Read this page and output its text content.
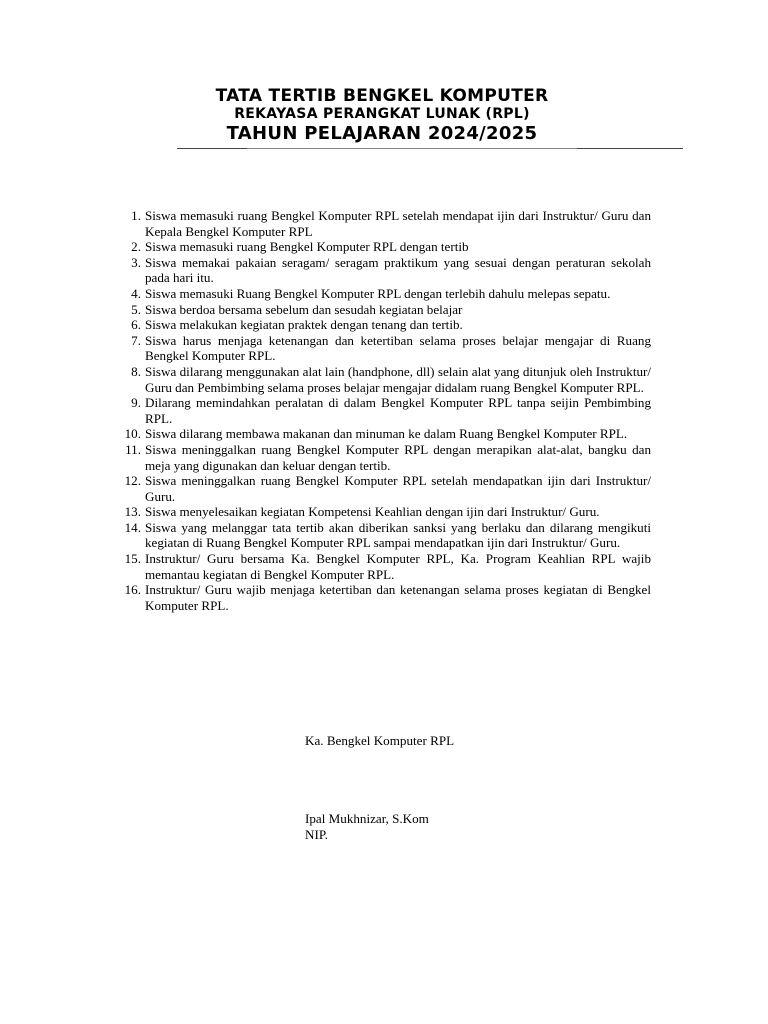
TATA TERTIB BENGKEL KOMPUTER
REKAYASA PERANGKAT LUNAK (RPL)
TAHUN PELAJARAN 2024/2025
1. Siswa memasuki ruang Bengkel Komputer RPL setelah mendapat ijin dari Instruktur/ Guru dan Kepala Bengkel Komputer RPL
2. Siswa memasuki ruang Bengkel Komputer RPL dengan tertib
3. Siswa memakai pakaian seragam/ seragam praktikum yang sesuai dengan peraturan sekolah pada hari itu.
4. Siswa memasuki Ruang Bengkel Komputer RPL dengan terlebih dahulu melepas sepatu.
5. Siswa berdoa bersama sebelum dan sesudah kegiatan belajar
6. Siswa melakukan kegiatan praktek dengan tenang dan tertib.
7. Siswa harus menjaga ketenangan dan ketertiban selama proses belajar mengajar di Ruang Bengkel Komputer RPL.
8. Siswa dilarang menggunakan alat lain (handphone, dll) selain alat yang ditunjuk oleh Instruktur/ Guru dan Pembimbing selama proses belajar mengajar didalam ruang Bengkel Komputer RPL.
9. Dilarang memindahkan peralatan di dalam Bengkel Komputer RPL tanpa seijin Pembimbing RPL.
10. Siswa dilarang membawa makanan dan minuman ke dalam Ruang Bengkel Komputer RPL.
11. Siswa meninggalkan ruang Bengkel Komputer RPL dengan merapikan alat-alat, bangku dan meja yang digunakan dan keluar dengan tertib.
12. Siswa meninggalkan ruang Bengkel Komputer RPL setelah mendapatkan ijin dari Instruktur/ Guru.
13. Siswa menyelesaikan kegiatan Kompetensi Keahlian dengan ijin dari Instruktur/ Guru.
14. Siswa yang melanggar tata tertib akan diberikan sanksi yang berlaku dan dilarang mengikuti kegiatan di Ruang Bengkel Komputer RPL sampai mendapatkan ijin dari Instruktur/ Guru.
15. Instruktur/ Guru bersama Ka. Bengkel Komputer RPL, Ka. Program Keahlian RPL wajib memantau kegiatan di Bengkel Komputer RPL.
16. Instruktur/ Guru wajib menjaga ketertiban dan ketenangan selama proses kegiatan di Bengkel Komputer RPL.
Ka. Bengkel Komputer RPL
Ipal Mukhnizar, S.Kom
NIP.
